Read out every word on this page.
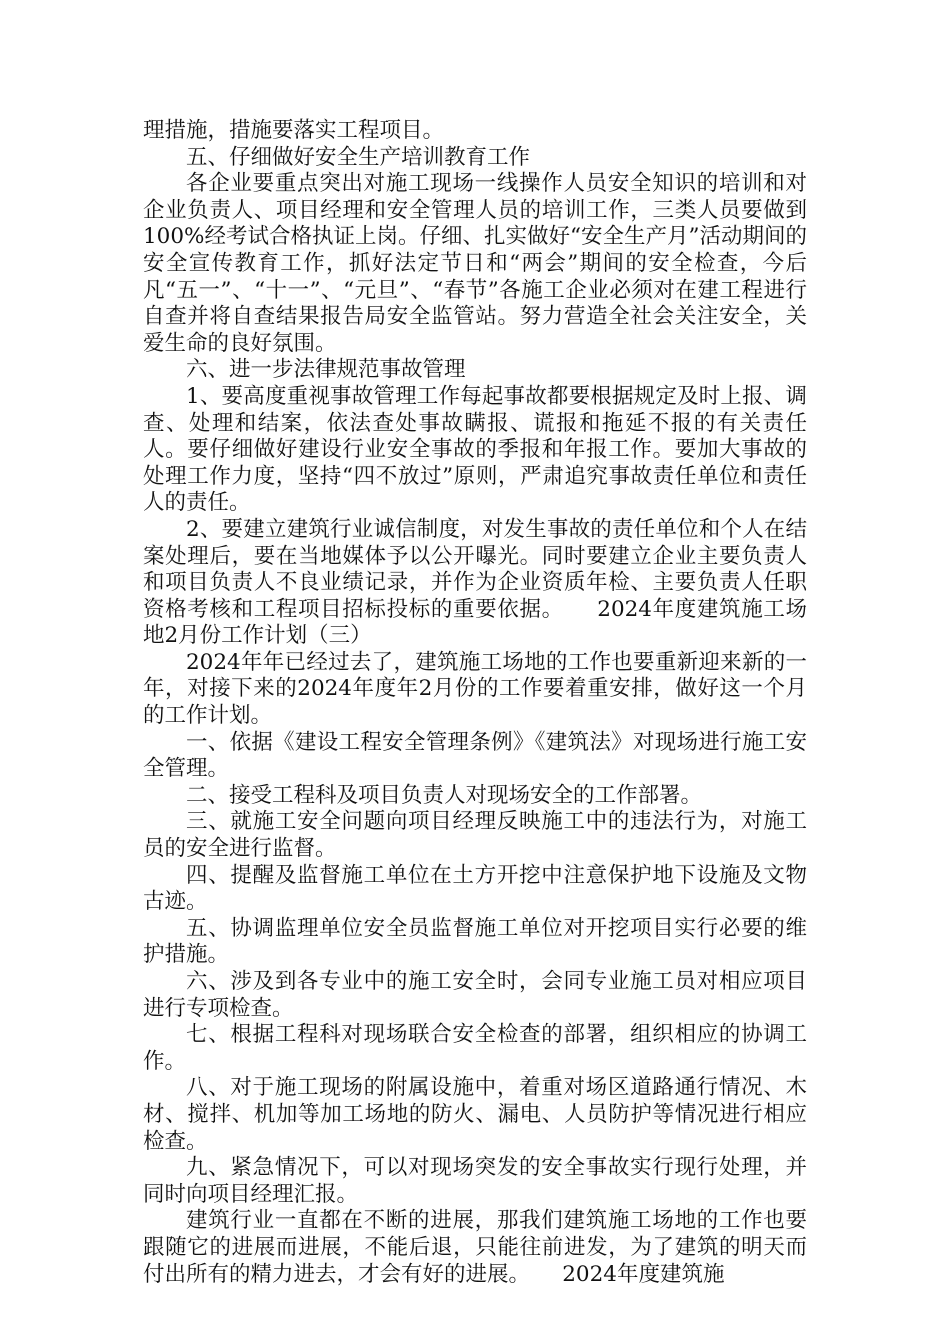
理措施，措施要落实工程项目。

五、仔细做好安全生产培训教育工作

各企业要重点突出对施工现场一线操作人员安全知识的培训和对企业负责人、项目经理和安全管理人员的培训工作，三类人员要做到100%经考试合格执证上岗。仔细、扎实做好“安全生产月”活动期间的安全宣传教育工作，抓好法定节日和“两会”期间的安全检查，今后凡“五一”、“十一”、“元旦”、“春节”各施工企业必须对在建工程进行自查并将自查结果报告局安全监管站。努力营造全社会关注安全，关爱生命的良好氛围。

六、进一步法律规范事故管理

1、要高度重视事故管理工作每起事故都要根据规定及时上报、调查、处理和结案，依法查处事故瞒报、谎报和拖延不报的有关责任人。要仔细做好建设行业安全事故的季报和年报工作。要加大事故的处理工作力度，坚持“四不放过”原则，严肃追究事故责任单位和责任人的责任。

2、要建立建筑行业诚信制度，对发生事故的责任单位和个人在结案处理后，要在当地媒体予以公开曝光。同时要建立企业主要负责人和项目负责人不良业绩记录，并作为企业资质年检、主要负责人任职资格考核和工程项目招标投标的重要依据。　　2024年度建筑施工场地2月份工作计划（三）

2024年年已经过去了，建筑施工场地的工作也要重新迎来新的一年，对接下来的2024年度年2月份的工作要着重安排，做好这一个月的工作计划。

一、依据《建设工程安全管理条例》《建筑法》对现场进行施工安全管理。

二、接受工程科及项目负责人对现场安全的工作部署。

三、就施工安全问题向项目经理反映施工中的违法行为，对施工员的安全进行监督。

四、提醒及监督施工单位在土方开挖中注意保护地下设施及文物古迹。

五、协调监理单位安全员监督施工单位对开挖项目实行必要的维护措施。

六、涉及到各专业中的施工安全时，会同专业施工员对相应项目进行专项检查。

七、根据工程科对现场联合安全检查的部署，组织相应的协调工作。

八、对于施工现场的附属设施中，着重对场区道路通行情况、木材、搅拌、机加等加工场地的防火、漏电、人员防护等情况进行相应检查。

九、紧急情况下，可以对现场突发的安全事故实行现行处理，并同时向项目经理汇报。

建筑行业一直都在不断的进展，那我们建筑施工场地的工作也要跟随它的进展而进展，不能后退，只能往前进发，为了建筑的明天而付出所有的精力进去，才会有好的进展。　　2024年度建筑施
